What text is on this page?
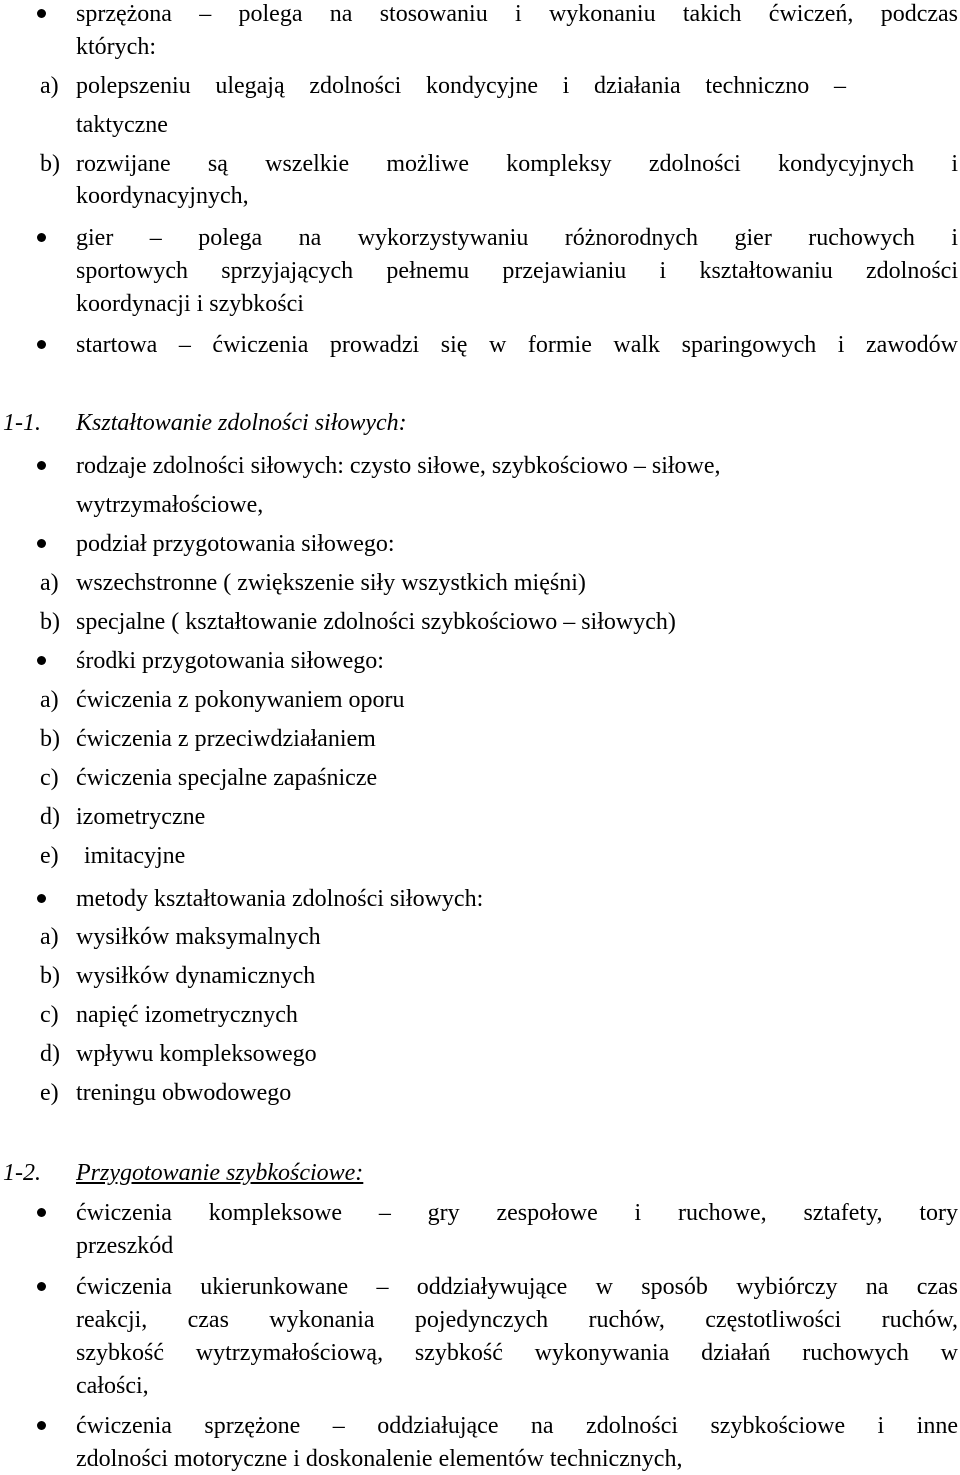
sprzężona – polega na stosowaniu i wykonaniu takich ćwiczeń, podczas
których:
a) polepszeniu ulegają zdolności kondycyjne i działania techniczno –
taktyczne
b) rozwijane są wszelkie możliwe kompleksy zdolności kondycyjnych i
koordynacyjnych,
gier – polega na wykorzystywaniu różnorodnych gier ruchowych i
sportowych sprzyjających pełnemu przejawianiu i kształtowaniu zdolności
koordynacji i szybkości
startowa – ćwiczenia prowadzi się w formie walk sparingowych i zawodów
1-1. Kształtowanie zdolności siłowych:
rodzaje zdolności siłowych: czysto siłowe, szybkościowo – siłowe,
wytrzymałościowe,
podział przygotowania siłowego:
a) wszechstronne ( zwiększenie siły wszystkich mięśni)
b) specjalne ( kształtowanie zdolności szybkościowo – siłowych)
środki przygotowania siłowego:
a) ćwiczenia z pokonywaniem oporu
b) ćwiczenia z przeciwdziałaniem
c) ćwiczenia specjalne zapaśnicze
d) izometryczne
e) imitacyjne
metody kształtowania zdolności siłowych:
a) wysiłków maksymalnych
b) wysiłków dynamicznych
c) napięć izometrycznych
d) wpływu kompleksowego
e) treningu obwodowego
1-2. Przygotowanie szybkościowe:
ćwiczenia kompleksowe – gry zespołowe i ruchowe, sztafety, tory
przeszkód
ćwiczenia ukierunkowane – oddziaływujące w sposób wybiórczy na czas
reakcji, czas wykonania pojedynczych ruchów, częstotliwości ruchów,
szybkość wytrzymałościową, szybkość wykonywania działań ruchowych w
całości,
ćwiczenia sprzężone – oddziałujące na zdolności szybkościowe i inne
zdolności motoryczne i doskonalenie elementów technicznych,
